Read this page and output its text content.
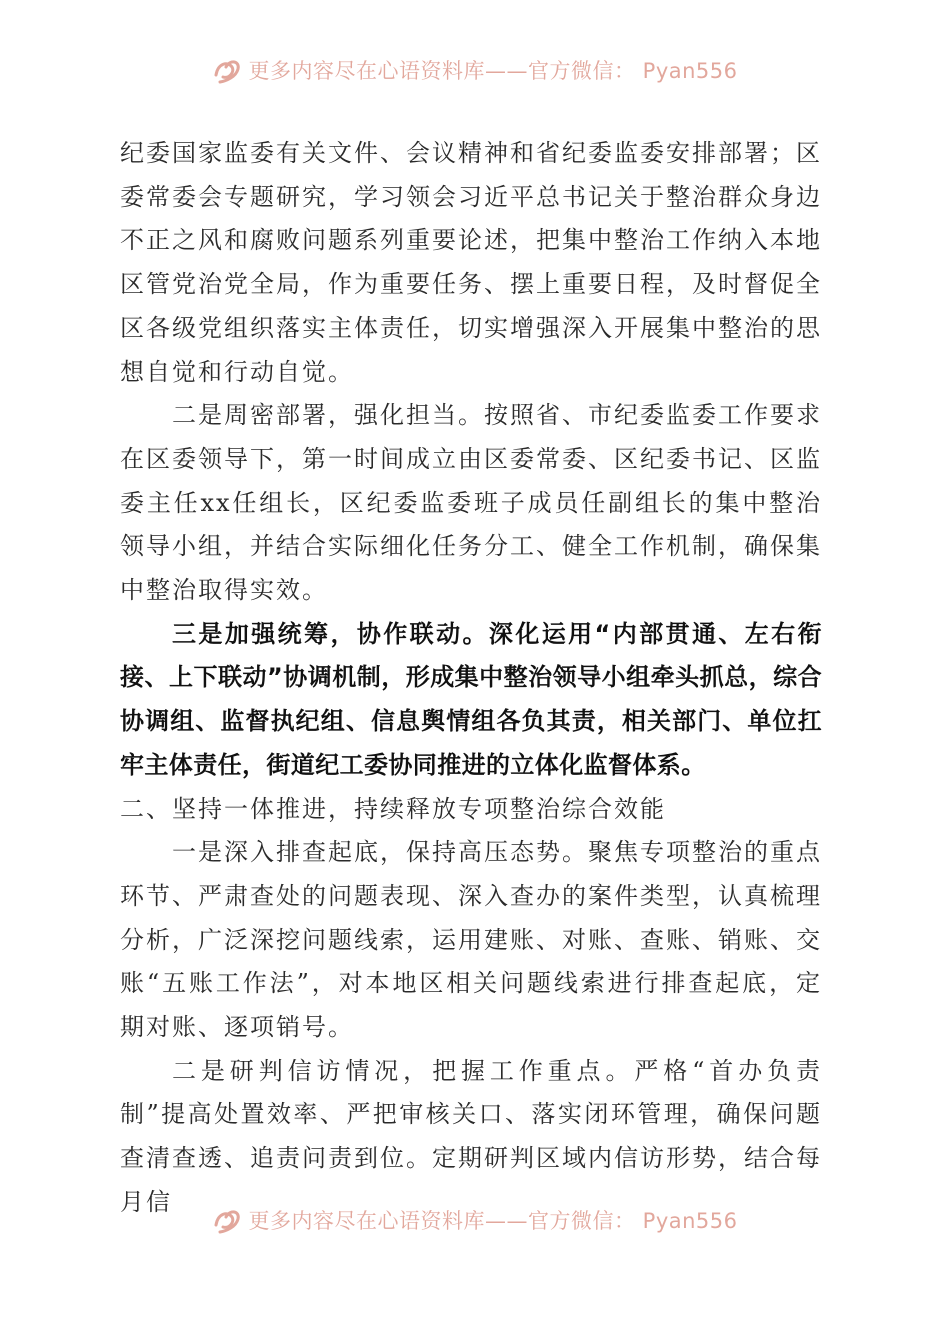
更多内容尽在心语资料库——官方微信： Pyan556

纪委国家监委有关文件、会议精神和省纪委监委安排部署；区委常委会专题研究，学习领会习近平总书记关于整治群众身边不正之风和腐败问题系列重要论述，把集中整治工作纳入本地区管党治党全局，作为重要任务、摆上重要日程，及时督促全区各级党组织落实主体责任，切实增强深入开展集中整治的思想自觉和行动自觉。

二是周密部署，强化担当。按照省、市纪委监委工作要求在区委领导下，第一时间成立由区委常委、区纪委书记、区监委主任xx任组长，区纪委监委班子成员任副组长的集中整治领导小组，并结合实际细化任务分工、健全工作机制，确保集中整治取得实效。

三是加强统筹，协作联动。深化运用“内部贯通、左右衔接、上下联动”协调机制，形成集中整治领导小组牵头抓总，综合协调组、监督执纪组、信息舆情组各负其责，相关部门、单位扛牢主体责任，街道纪工委协同推进的立体化监督体系。

二、坚持一体推进，持续释放专项整治综合效能

一是深入排查起底，保持高压态势。聚焦专项整治的重点环节、严肃查处的问题表现、深入查办的案件类型，认真梳理分析，广泛深挖问题线索，运用建账、对账、查账、销账、交账“五账工作法”，对本地区相关问题线索进行排查起底，定期对账、逐项销号。

二是研判信访情况，把握工作重点。严格“首办负责制”提高处置效率、严把审核关口、落实闭环管理，确保问题查清查透、追责问责到位。定期研判区域内信访形势，结合每月信

更多内容尽在心语资料库——官方微信： Pyan556
